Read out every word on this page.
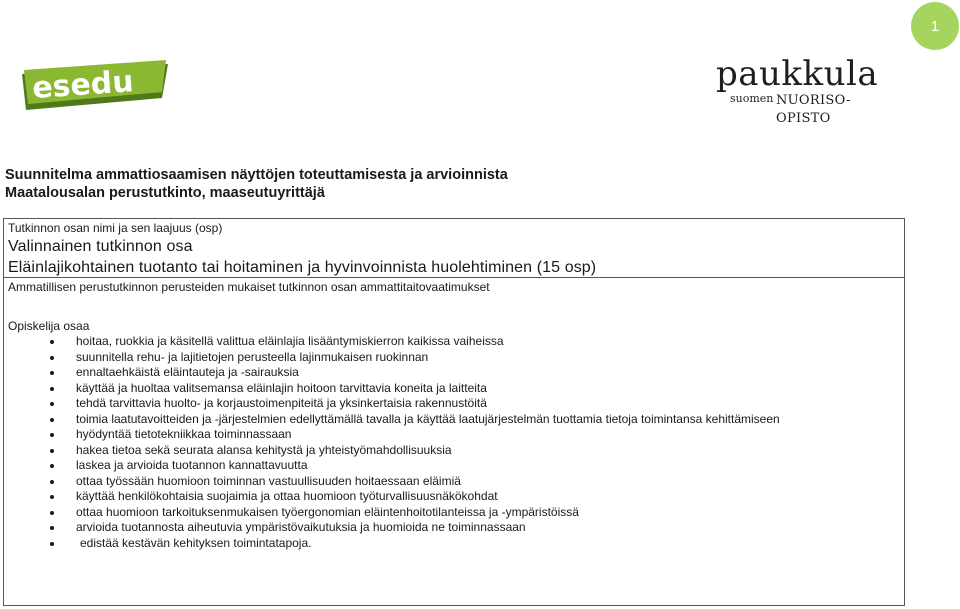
1
esedu	paukkula
suomen NUORISO-OPISTO
Suunnitelma ammattiosaamisen näyttöjen toteuttamisesta ja arvioinnista
Maatalousalan perustutkinto, maaseutuyrittäjä
Tutkinnon osan nimi ja sen laajuus (osp)
Valinnainen tutkinnon osa
Eläinlajikohtainen tuotanto tai hoitaminen ja hyvinvoinnista huolehtiminen (15 osp)
Ammatillisen perustutkinnon perusteiden mukaiset tutkinnon osan ammattitaitovaatimukset
Opiskelija osaa
hoitaa, ruokkia ja käsitellä valittua eläinlajia lisääntymiskierron kaikissa vaiheissa
suunnitella rehu- ja lajitietojen perusteella lajinmukaisen ruokinnan
ennaltaehkäistä eläintauteja ja -sairauksia
käyttää ja huoltaa valitsemansa eläinlajin hoitoon tarvittavia koneita ja laitteita
tehdä tarvittavia huolto- ja korjaustoimenpiteitä ja yksinkertaisia rakennustöitä
toimia laatutavoitteiden ja -järjestelmien edellyttämällä tavalla ja käyttää laatujärjestelmän tuottamia tietoja toimintansa kehittämiseen
hyödyntää tietotekniikkaa toiminnassaan
hakea tietoa sekä seurata alansa kehitystä ja yhteistyömahdollisuuksia
laskea ja arvioida tuotannon kannattavuutta
ottaa työssään huomioon toiminnan vastuullisuuden hoitaessaan eläimiä
käyttää henkilökohtaisia suojaimia ja ottaa huomioon työturvallisuusnäkökohdat
ottaa huomioon tarkoituksenmukaisen työergonomian eläintenhoitotilanteissa ja -ympäristöissä
arvioida tuotannosta aiheutuvia ympäristövaikutuksia ja huomioida ne toiminnassaan
edistää kestävän kehityksen toimintatapoja.
